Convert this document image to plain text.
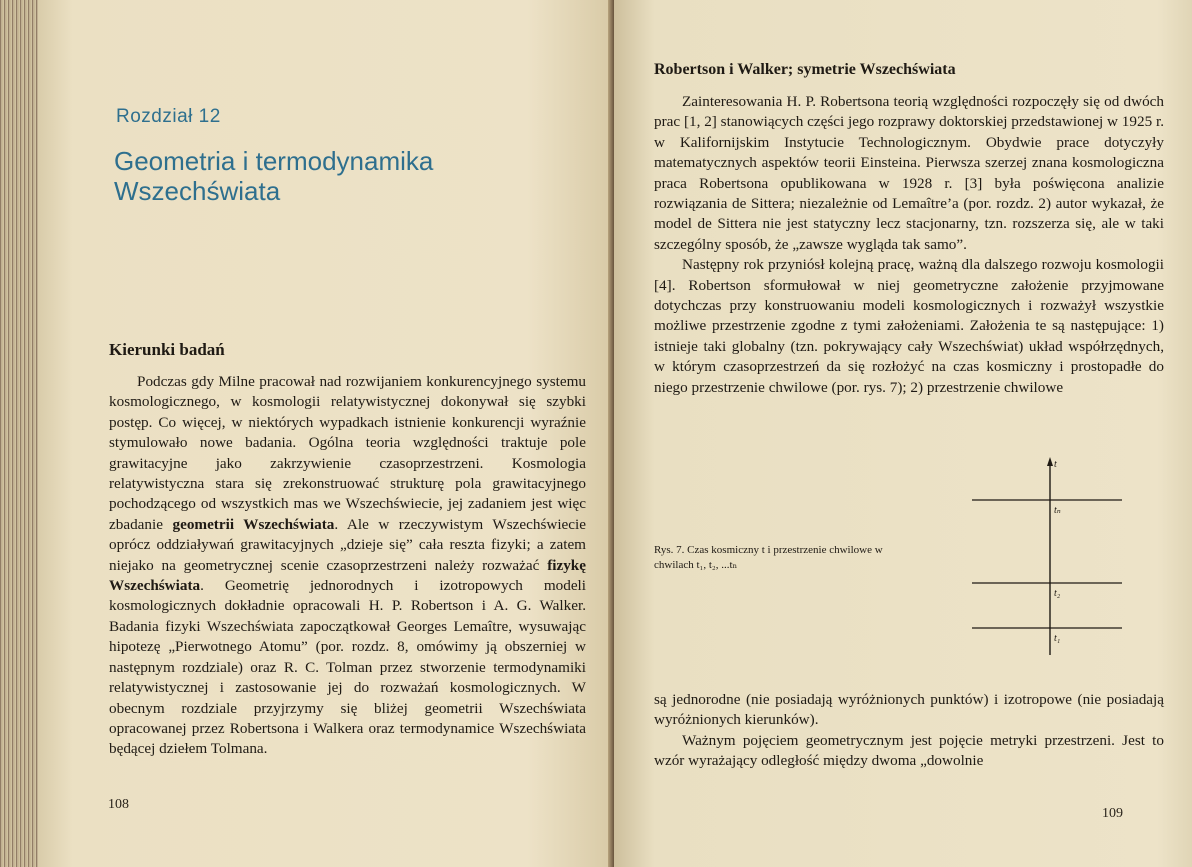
Rozdział 12
Geometria i termodynamika
Wszechświata
Kierunki badań

Podczas gdy Milne pracował nad rozwijaniem konkurencyjnego systemu kosmologicznego, w kosmologii relatywistycznej dokonywał się szybki postęp. Co więcej, w niektórych wypadkach istnienie konkurencji wyraźnie stymulowało nowe badania. Ogólna teoria względności traktuje pole grawitacyjne jako zakrzywienie czasoprzestrzeni. Kosmologia relatywistyczna stara się zrekonstruować strukturę pola grawitacyjnego pochodzącego od wszystkich mas we Wszechświecie, jej zadaniem jest więc zbadanie geometrii Wszechświata. Ale w rzeczywistym Wszechświecie oprócz oddziaływań grawitacyjnych „dzieje się” cała reszta fizyki; a zatem niejako na geometrycznej scenie czasoprzestrzeni należy rozważać fizykę Wszechświata. Geometrię jednorodnych i izotropowych modeli kosmologicznych dokładnie opracowali H. P. Robertson i A. G. Walker. Badania fizyki Wszechświata zapoczątkował Georges Lemaître, wysuwając hipotezę „Pierwotnego Atomu” (por. rozdz. 8, omówimy ją obszerniej w następnym rozdziale) oraz R. C. Tolman przez stworzenie termodynamiki relatywistycznej i zastosowanie jej do rozważań kosmologicznych. W obecnym rozdziale przyjrzymy się bliżej geometrii Wszechświata opracowanej przez Robertsona i Walkera oraz termodynamice Wszechświata będącej dziełem Tolmana.

108
Robertson i Walker; symetrie Wszechświata

Zainteresowania H. P. Robertsona teorią względności rozpoczęły się od dwóch prac [1, 2] stanowiących części jego rozprawy doktorskiej przedstawionej w 1925 r. w Kalifornijskim Instytucie Technologicznym. Obydwie prace dotyczyły matematycznych aspektów teorii Einsteina. Pierwsza szerzej znana kosmologiczna praca Robertsona opublikowana w 1928 r. [3] była poświęcona analizie rozwiązania de Sittera; niezależnie od Lemaître’a (por. rozdz. 2) autor wykazał, że model de Sittera nie jest statyczny lecz stacjonarny, tzn. rozszerza się, ale w taki szczególny sposób, że „zawsze wygląda tak samo”.

Następny rok przyniósł kolejną pracę, ważną dla dalszego rozwoju kosmologii [4]. Robertson sformułował w niej geometryczne założenie przyjmowane dotychczas przy konstruowaniu modeli kosmologicznych i rozważył wszystkie możliwe przestrzenie zgodne z tymi założeniami. Założenia te są następujące: 1) istnieje taki globalny (tzn. pokrywający cały Wszechświat) układ współrzędnych, w którym czasoprzestrzeń da się rozłożyć na czas kosmiczny i prostopadłe do niego przestrzenie chwilowe (por. rys. 7); 2) przestrzenie chwilowe

Rys. 7. Czas kosmiczny t i przestrzenie chwilowe w chwilach t₁, t₂, ...tₙ
t
tₙ
t₂
t₁

są jednorodne (nie posiadają wyróżnionych punktów) i izotropowe (nie posiadają wyróżnionych kierunków).

Ważnym pojęciem geometrycznym jest pojęcie metryki przestrzeni. Jest to wzór wyrażający odległość między dwoma „dowolnie

109
